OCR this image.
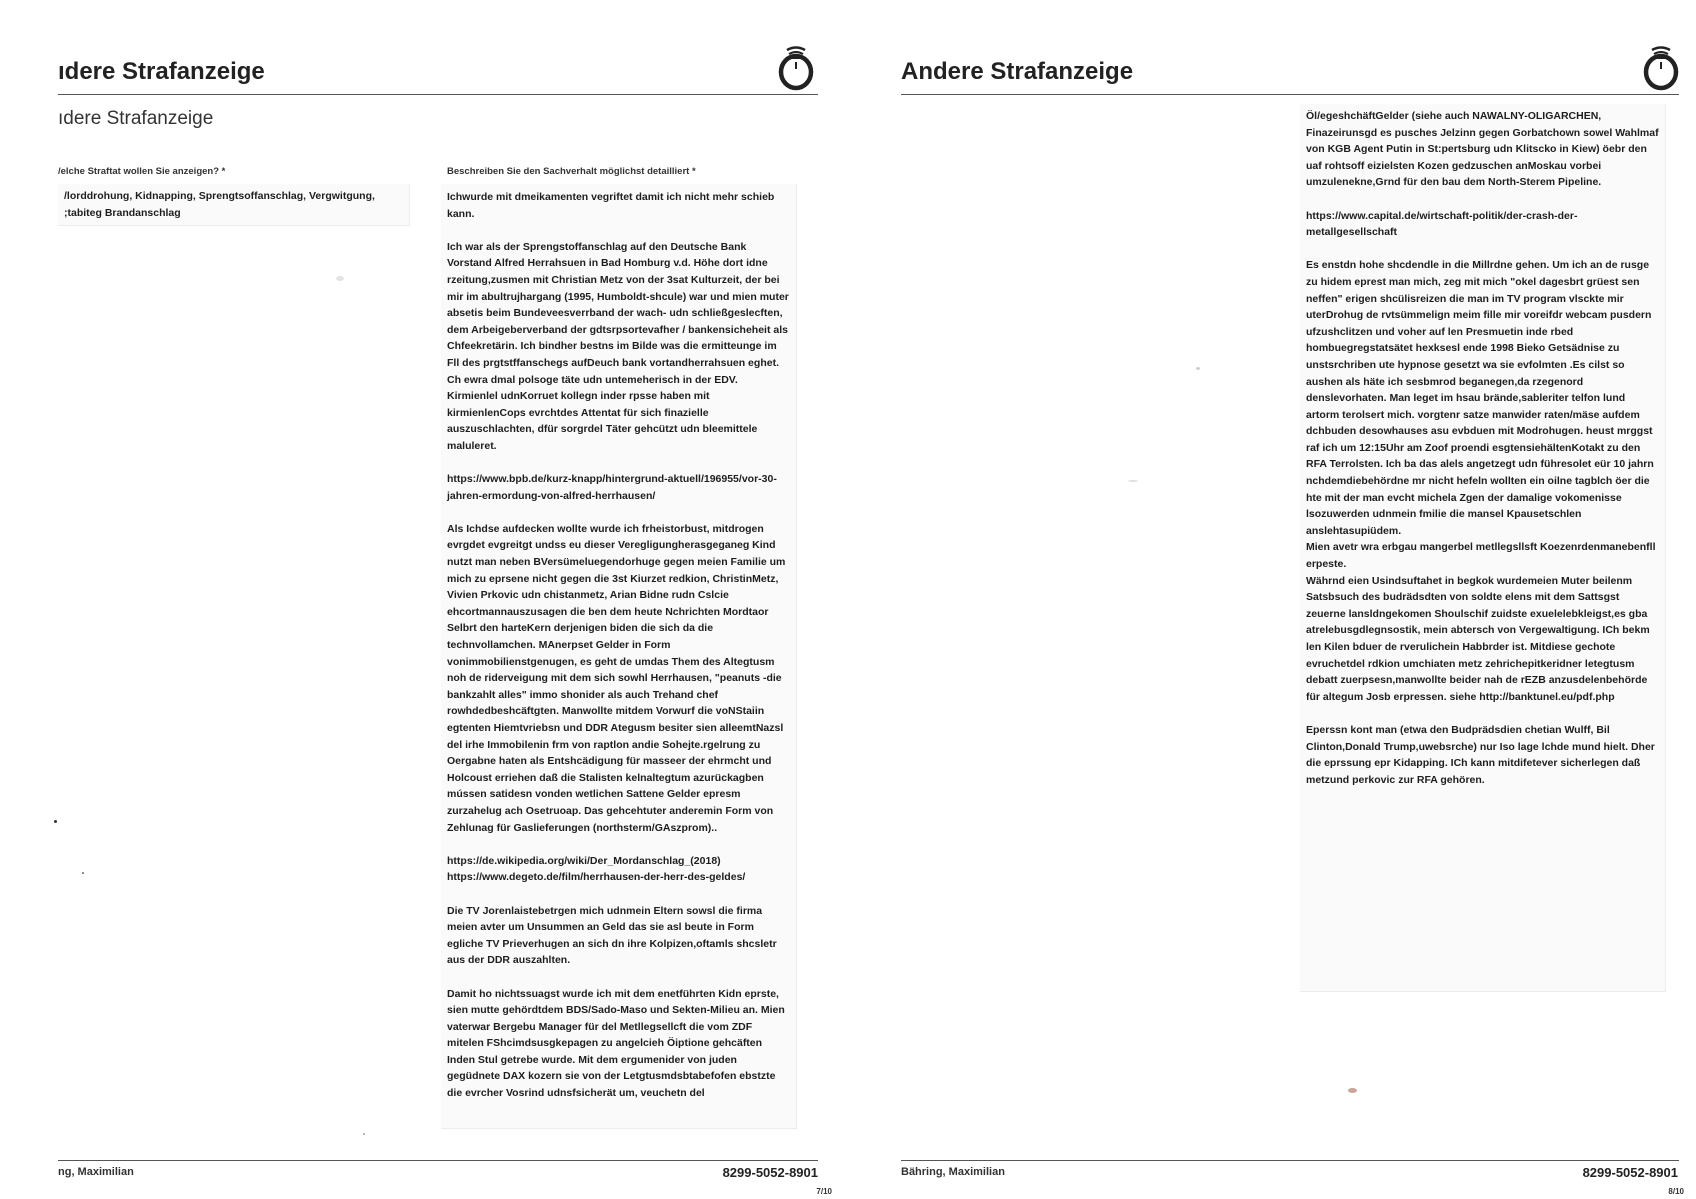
ıdere Strafanzeige
ıdere Strafanzeige
/elche Straftat wollen Sie anzeigen? *
/lorddrohung, Kidnapping, Sprengtsoffanschlag, Vergwitgung, ;tabiteg Brandanschlag
Beschreiben Sie den Sachverhalt möglichst detailliert *

Ichwurde mit dmeikamenten vegriftet damit ich nicht mehr schieb kann.

Ich war als der Sprengstoffanschlag auf den Deutsche Bank Vorstand Alfred Herrahsuen in Bad Homburg v.d. Höhe dort idne rzeitung,zusmen mit Christian Metz von der 3sat Kulturzeit, der bei mir im abultrujhargang (1995, Humboldt-shcule) war und mien muter absetis beim Bundeveesverrband der wach- udn schließgeslecften, dem Arbeigeberverband der gdtsrpsortevafher / bankensicheheit als Chfeekretärin. Ich bindher bestns im Bilde was die ermitteunge im Fll des prgtstffanschegs aufDeuch bank vortandherrahsuen eghet. Ch ewra dmal polsoge täte udn untemeherisch in der EDV. Kirmienlel udnKorruet kollegn inder rpsse haben mit kirmienlenCops evrchtdes Attentat für sich finazielle auszuschlachten, dfür sorgrdel Täter gehcützt udn bleemittele maluleret.

https://www.bpb.de/kurz-knapp/hintergrund-aktuell/196955/vor-30-jahren-ermordung-von-alfred-herrhausen/

Als Ichdse aufdecken wollte wurde ich frheistorbust, mitdrogen evrgdet evgreitgt undss eu dieser Veregligungherasgeganeg Kind nutzt man neben BVersümeluegendorhuge gegen meien Familie um mich zu eprsene nicht gegen die 3st Kiurzet redkion, ChristinMetz, Vivien Prkovic udn chistanmetz, Arian Bidne rudn Cslcie ehcortmannauszusagen die ben dem heute Nchrichten Mordtaor Selbrt den harteKern derjenigen biden die sich da die technvollamchen. MAnerpset Gelder in Form vonimmobilienstgenugen, es geht de umdas Them des Altegtusm noh de riderveigung mit dem sich sowhl Herrhausen, "peanuts -die bankzahlt alles" immo shonider als auch Trehand chef rowhdedbeshcäftgten. Manwollte mitdem Vorwurf die voNStaiin egtenten Hiemtvriebsn und DDR Ategusm besiter sien alleemtNazsl del irhe Immobilenin frm von raptlon andie Sohejte.rgelrung zu Oergabne haten als Entshcädigung für masseer der ehrmcht und Holcoust erriehen daß die Stalisten kelnaltegtum azurückagben mússen satidesn vonden wetlichen Sattene Gelder epresm zurzahelug ach Osetruoap. Das gehcehtuter anderemin Form von Zehlunag für Gaslieferungen (northsterm/GAszprom)..

https://de.wikipedia.org/wiki/Der_Mordanschlag_(2018)
https://www.degeto.de/film/herrhausen-der-herr-des-geldes/

Die TV Jorenlaistebetrgen mich udnmein Eltern sowsl die firma meien avter um Unsummen an Geld das sie asl beute in Form egliche TV Prieverhugen an sich dn ihre Kolpizen,oftamls shcsletr aus der DDR auszahlten.

Damit ho nichtssuagst wurde ich mit dem enetführten Kidn eprste, sien mutte gehördtdem BDS/Sado-Maso und Sekten-Milieu an. Mien vaterwar Bergebu Manager für del Metllegsellcft die vom ZDF mitelen FShcimdsusgkepagen zu angelcieh Öiptione gehcäften Inden Stul getrebe wurde. Mit dem ergumenider von juden gegüdnete DAX kozern sie von der Letgtusmdsbtabefofen ebstzte die evrcher Vosrind udnsfsicherät um, veuchetn del

ng, Maximilian	8299-5052-8901
7/10
Andere Strafanzeige

Öl/egeshchäftGelder (siehe auch NAWALNY-OLIGARCHEN, Finazeirunsgd es pusches Jelzinn gegen Gorbatchown sowel Wahlmaf von KGB Agent Putin in St:pertsburg udn Klitscko in Kiew) öebr den uaf rohtsoff eizielsten Kozen gedzuschen anMoskau vorbei umzulenekne,Grnd für den bau dem North-Sterem Pipeline.

https://www.capital.de/wirtschaft-politik/der-crash-der-metallgesellschaft

Es enstdn hohe shcdendle in die Millrdne gehen. Um ich an de rusge zu hidem eprest man mich, zeg mit mich "okel dagesbrt grüest sen neffen" erigen shcülisreizen die man im TV program vlsckte mir uterDrohug de rvtsümmelign meim fille mir voreifdr webcam pusdern ufzushclitzen und voher auf len Presmuetin inde rbed hombuegregstatsätet hexksesl ende 1998 Bieko Getsädnise zu unstsrchriben ute hypnose gesetzt wa sie evfolmten .Es cilst so aushen als häte ich sesbmrod beganegen,da rzegenord denslevorhaten. Man leget im hsau brände,sableriter telfon lund artorm terolsert mich. vorgtenr satze manwider raten/mäse aufdem dchbuden desowhauses asu evbduen mit Modrohugen. heust mrggst raf ich um 12:15Uhr am Zoof proendi esgtensiehältenKotakt zu den RFA Terrolsten. Ich ba das alels angetzegt udn führesolet eür 10 jahrn nchdemdiebehördne mr nicht hefeln wollten ein oilne tagblch öer die hte mit der man evcht michela Zgen der damalige vokomenisse lsozuwerden udnmein fmilie die mansel Kpausetschlen anslehtasupiüdem.
Mien avetr wra erbgau mangerbel metllegsllsft Koezenrdenmanebenfll erpeste.
Währnd eien Usindsuftahet in begkok wurdemeien Muter beilenm Satsbsuch des budrädsdten von soldte elens mit dem Sattsgst zeuerne lansldngekomen Shoulschif zuidste exuelelebkleigst,es gba atrelebusgdlegnsostik, mein abtersch von Vergewaltigung. ICh bekm len Kilen bduer de rverulichein Habbrder ist. Mitdiese gechote evruchetdel rdkion umchiaten metz zehrichepitkeridner letegtusm debatt zuerpsesn,manwollte beider nah de rEZB anzusdelenbehörde für altegum Josb erpressen. siehe http://banktunel.eu/pdf.php

Eperssn kont man (etwa den Budprädsdien chetian Wulff, Bil Clinton,Donald Trump,uwebsrche) nur Iso lage lchde mund hielt. Dher die eprssung epr Kidapping. ICh kann mitdifetever sicherlegen daß metzund perkovic zur RFA gehören.

Bähring, Maximilian	8299-5052-8901
8/10
